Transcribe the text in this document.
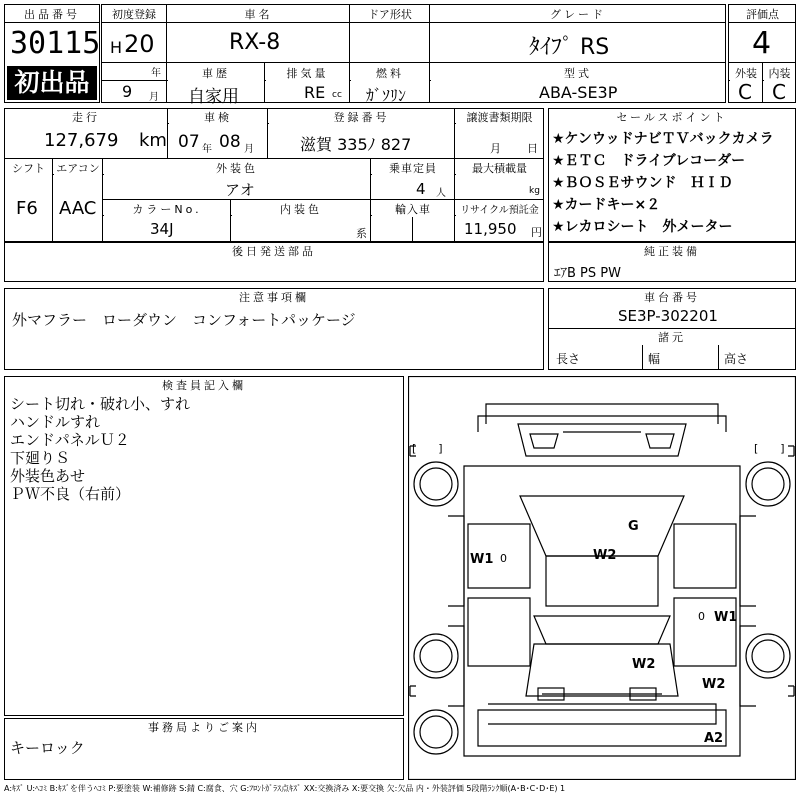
出品番号
30115
初出品
初度登録
H 20
年
9 月
車名
RX-8
ドア形状	グレード
ﾀｲﾌﾟ RS
評価点
4
外装	内装
C C
車歴
自家用
排気量
RE cc
燃料
ｶﾞｿﾘﾝ
型式
ABA-SE3P
走行
127,679 km
車検
07 年 08 月
登録番号
滋賀 335ﾉ 827
譲渡書類期限
月 日
シフト
F6
エアコン
AAC
外装色
アオ
乗車定員
4 人
最大積載量
kg
カラーNo.
34J
内装色
系
輸入車	リサイクル預託金
11,950 円
セールスポイント
★ケンウッドナビＴＶバックカメラ
★ＥＴＣ　ドライブレコーダー
★ＢＯＳＥサウンド　ＨＩＤ
★カードキー×２
★レカロシート　外メーター
後日発送部品	純正装備
ｴｱB PS PW
注意事項欄
外マフラー　ローダウン　コンフォートパッケージ
車台番号
SE3P-302201
諸元
長さ	幅	高さ
検査員記入欄
シート切れ・破れ小、すれ
ハンドルすれ
エンドパネルＵ２
下廻りＳ
外装色あせ
ＰＷ不良（右前）
事務局よりご案内
キーロック
G
W2
W1 0
W1
0
W2
W2
A2
[　　]	[　　]
A:ｷｽﾞ U:ﾍｺﾐ B:ｷｽﾞを伴うﾍｺﾐ P:要塗装 W:補修跡 S:錆 C:腐食、穴 G:ﾌﾛﾝﾄｶﾞﾗｽ点ｷｽﾞ XX:交換済み X:要交換 欠:欠品 内・外装評価 5段階ﾗﾝｸ順(A･B･C･D･E) 1
